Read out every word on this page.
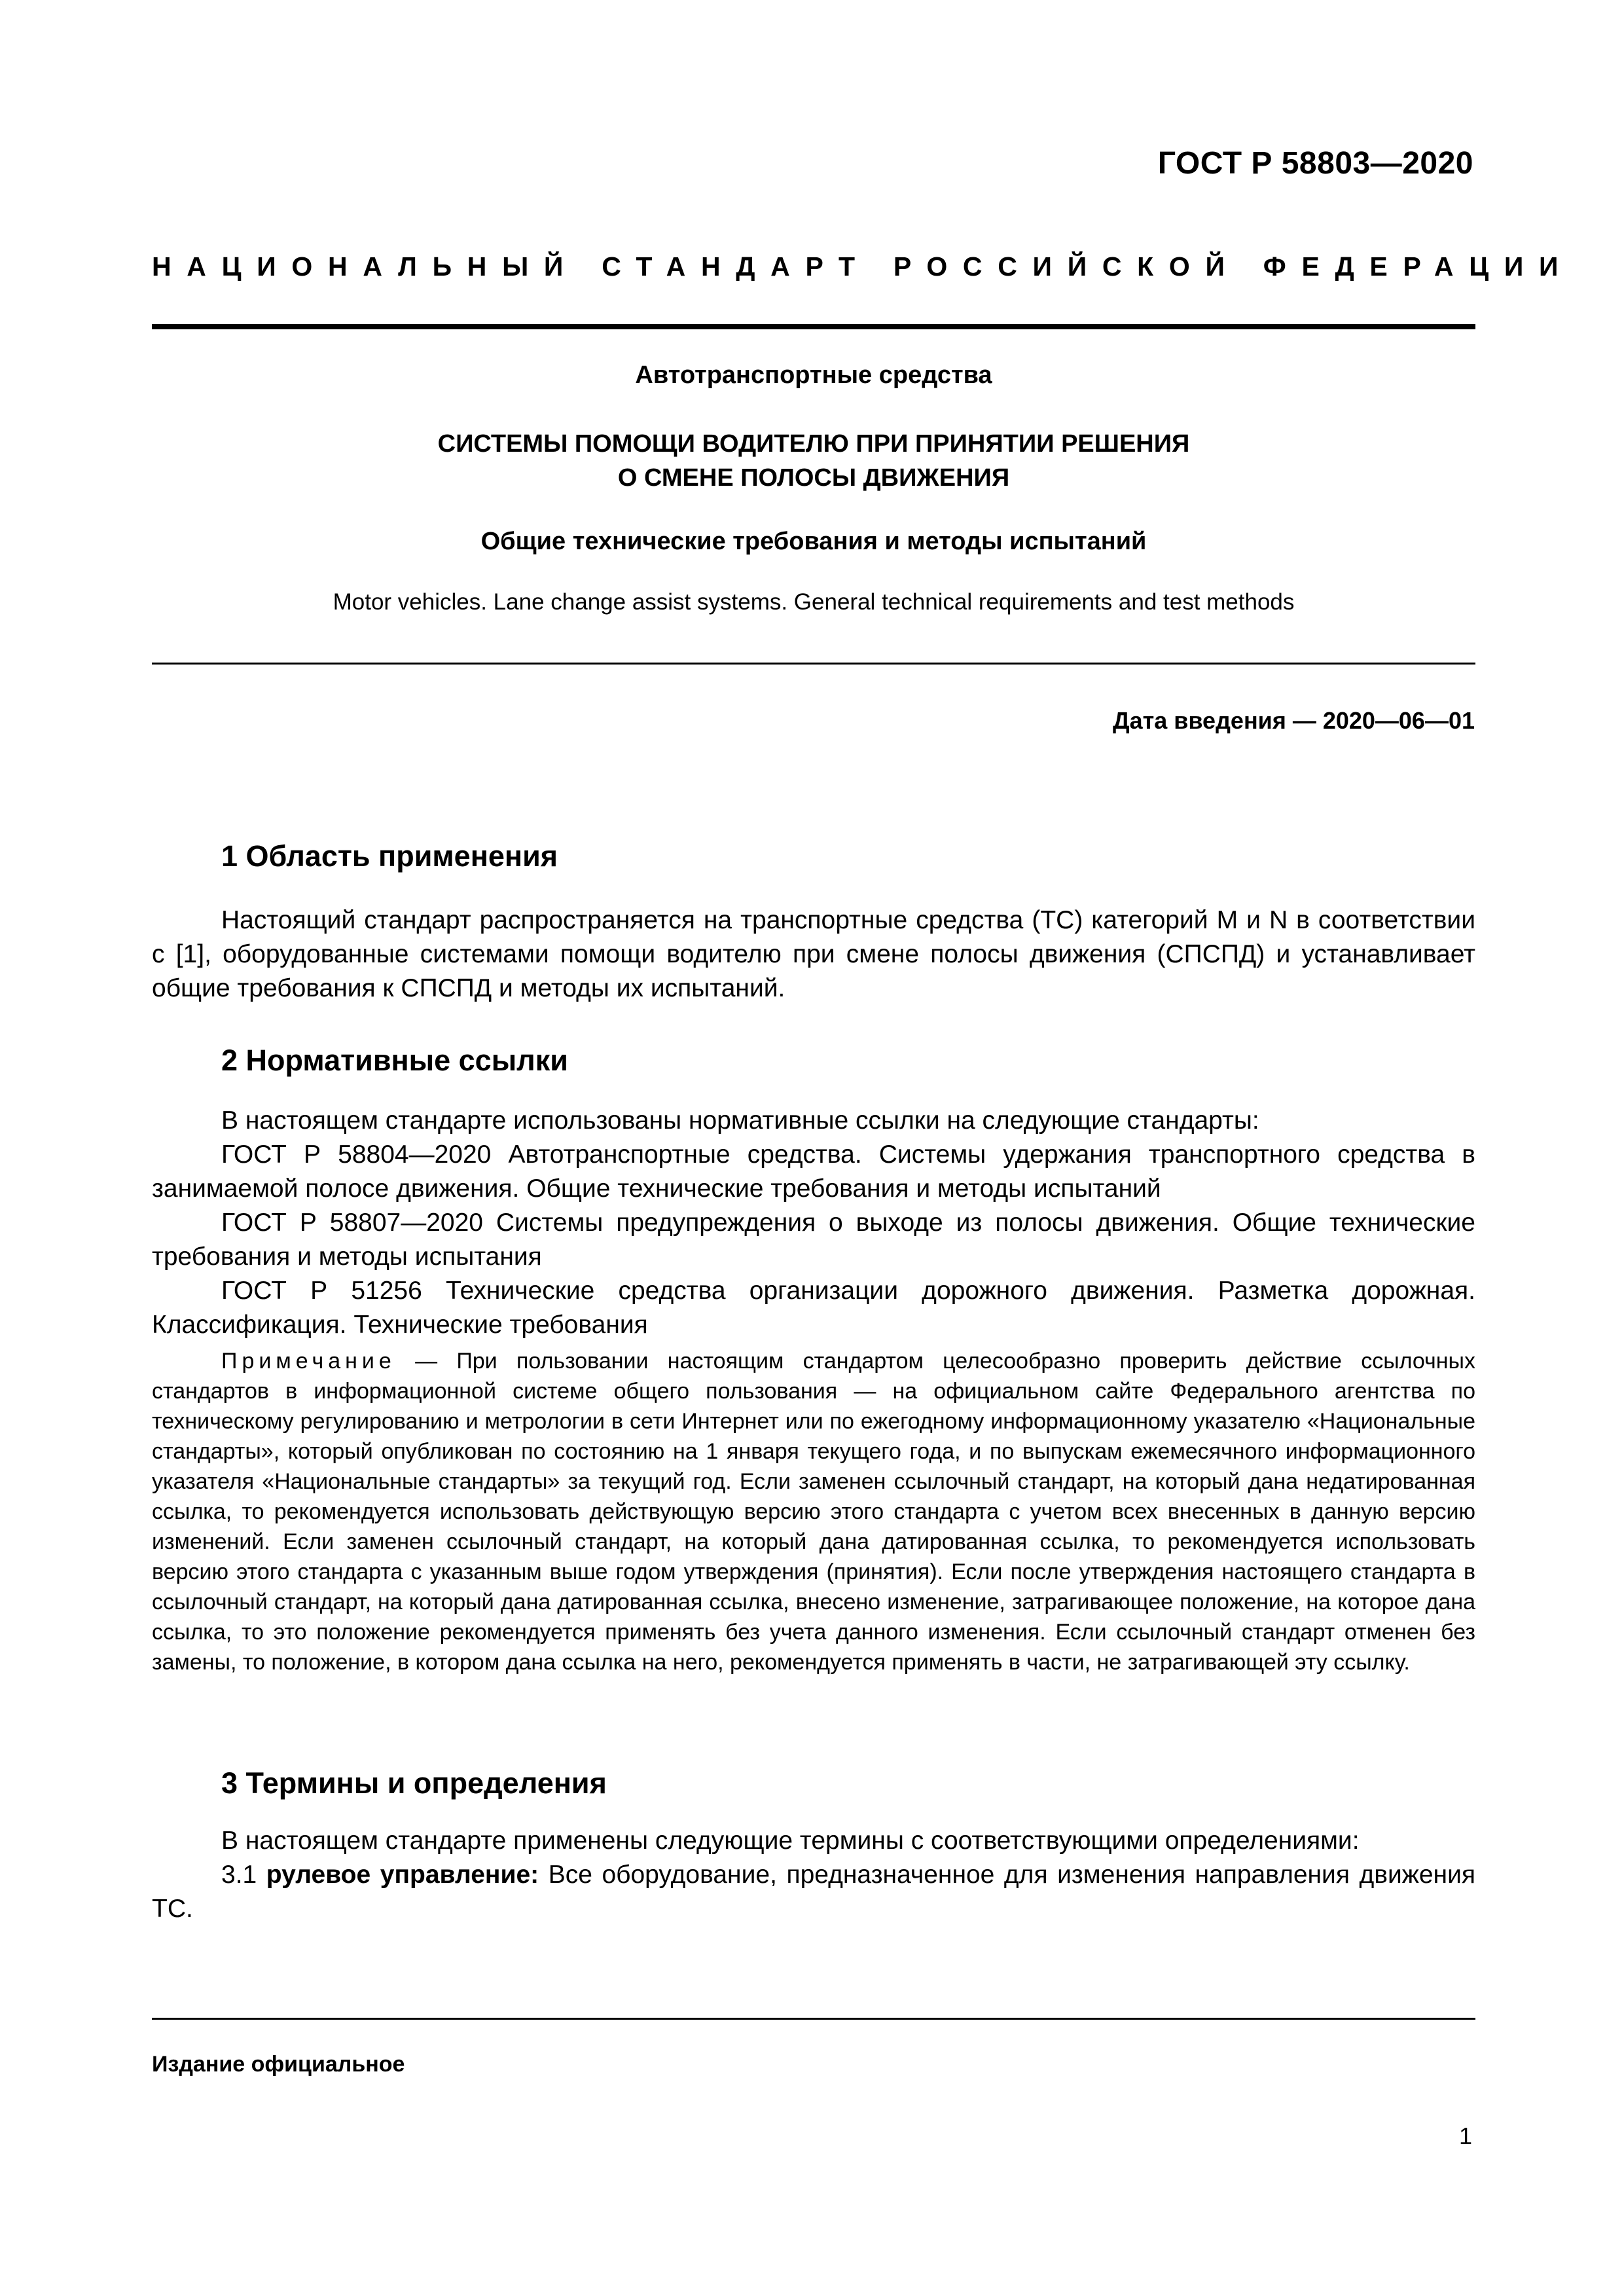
ГОСТ Р 58803—2020
НАЦИОНАЛЬНЫЙ СТАНДАРТ РОССИЙСКОЙ ФЕДЕРАЦИИ
Автотранспортные средства
СИСТЕМЫ ПОМОЩИ ВОДИТЕЛЮ ПРИ ПРИНЯТИИ РЕШЕНИЯ
О СМЕНЕ ПОЛОСЫ ДВИЖЕНИЯ
Общие технические требования и методы испытаний
Motor vehicles. Lane change assist systems. General technical requirements and test methods
Дата введения — 2020—06—01
1 Область применения

Настоящий стандарт распространяется на транспортные средства (ТС) категорий М и N в соответствии с [1], оборудованные системами помощи водителю при смене полосы движения (СПСПД) и устанавливает общие требования к СПСПД и методы их испытаний.

2 Нормативные ссылки

В настоящем стандарте использованы нормативные ссылки на следующие стандарты:

ГОСТ Р 58804—2020 Автотранспортные средства. Системы удержания транспортного средства в занимаемой полосе движения. Общие технические требования и методы испытаний

ГОСТ Р 58807—2020 Системы предупреждения о выходе из полосы движения. Общие технические требования и методы испытания

ГОСТ Р 51256 Технические средства организации дорожного движения. Разметка дорожная. Классификация. Технические требования

Примечание — При пользовании настоящим стандартом целесообразно проверить действие ссылочных стандартов в информационной системе общего пользования — на официальном сайте Федерального агентства по техническому регулированию и метрологии в сети Интернет или по ежегодному информационному указателю «Национальные стандарты», который опубликован по состоянию на 1 января текущего года, и по выпускам ежемесячного информационного указателя «Национальные стандарты» за текущий год. Если заменен ссылочный стандарт, на который дана недатированная ссылка, то рекомендуется использовать действующую версию этого стандарта с учетом всех внесенных в данную версию изменений. Если заменен ссылочный стандарт, на который дана датированная ссылка, то рекомендуется использовать версию этого стандарта с указанным выше годом утверждения (принятия). Если после утверждения настоящего стандарта в ссылочный стандарт, на который дана датированная ссылка, внесено изменение, затрагивающее положение, на которое дана ссылка, то это положение рекомендуется применять без учета данного изменения. Если ссылочный стандарт отменен без замены, то положение, в котором дана ссылка на него, рекомендуется применять в части, не затрагивающей эту ссылку.

3 Термины и определения

В настоящем стандарте применены следующие термины с соответствующими определениями:

3.1 рулевое управление: Все оборудование, предназначенное для изменения направления движения ТС.

Издание официальное
1
